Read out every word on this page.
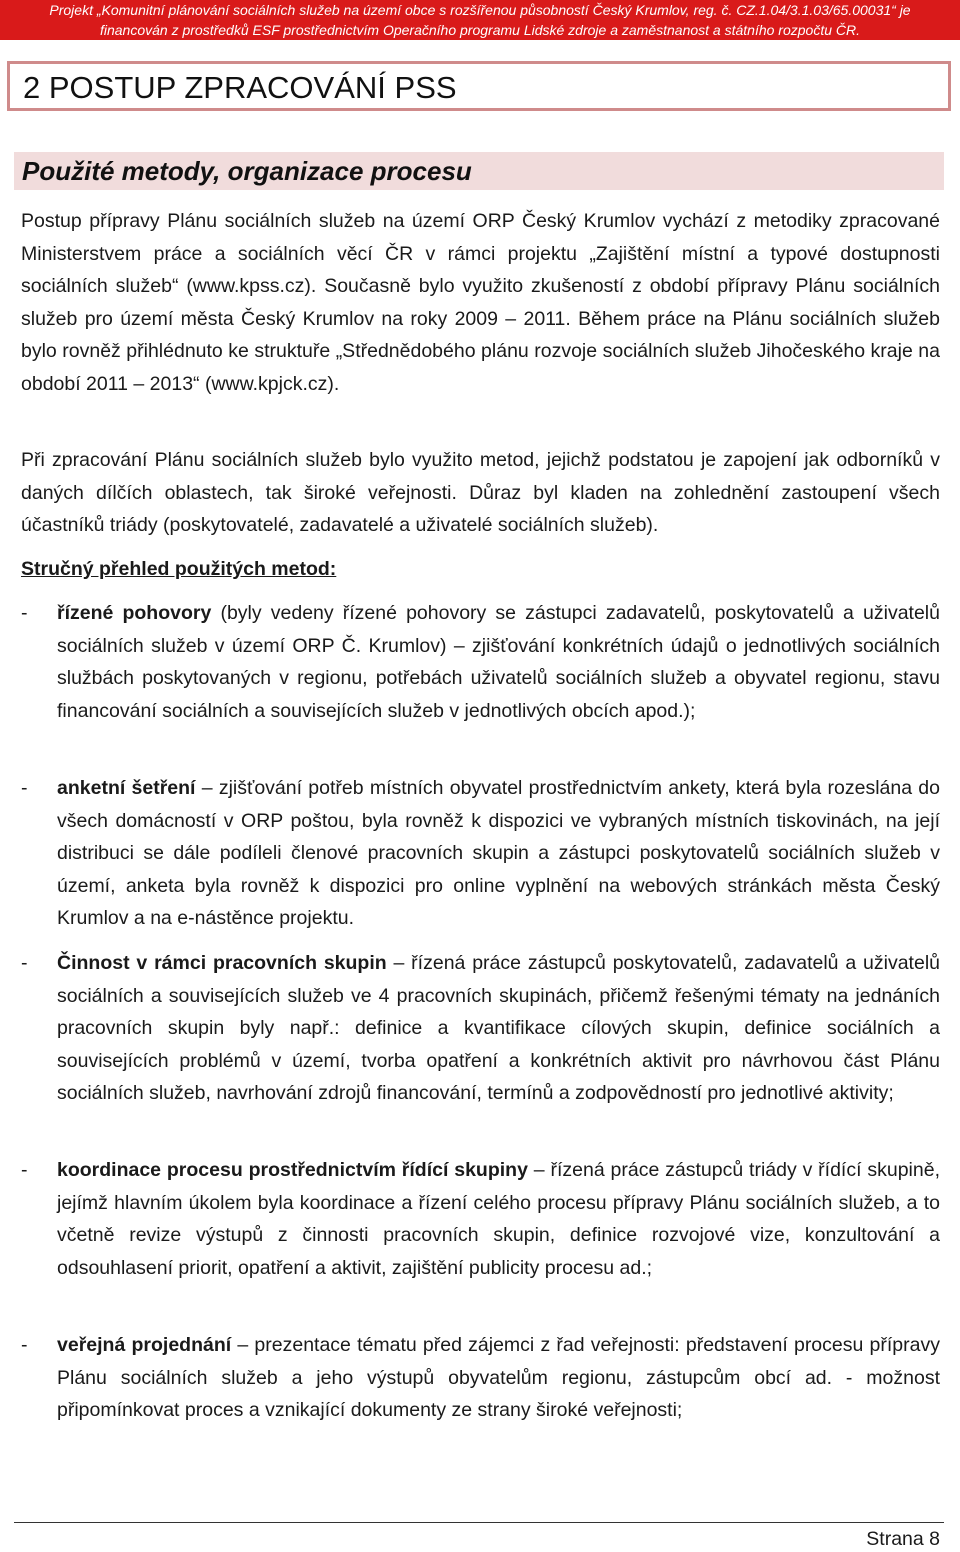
Projekt „Komunitní plánování sociálních služeb na území obce s rozšířenou působností Český Krumlov, reg. č. CZ.1.04/3.1.03/65.00031“ je
financován z prostředků ESF prostřednictvím Operačního programu Lidské zdroje a zaměstnanost a státního rozpočtu ČR.
2 POSTUP ZPRACOVÁNÍ PSS
Použité metody, organizace procesu

Postup přípravy Plánu sociálních služeb na území ORP Český Krumlov vychází z metodiky zpracované Ministerstvem práce a sociálních věcí ČR v rámci projektu „Zajištění místní a typové dostupnosti sociálních služeb“ (www.kpss.cz). Současně bylo využito zkušeností z období přípravy Plánu sociálních služeb pro území města Český Krumlov na roky 2009 – 2011. Během práce na Plánu sociálních služeb bylo rovněž přihlédnuto ke struktuře „Střednědobého plánu rozvoje sociálních služeb Jihočeského kraje na období 2011 – 2013“ (www.kpjck.cz).

Při zpracování Plánu sociálních služeb bylo využito metod, jejichž podstatou je zapojení jak odborníků v daných dílčích oblastech, tak široké veřejnosti. Důraz byl kladen na zohlednění zastoupení všech účastníků triády (poskytovatelé, zadavatelé a uživatelé sociálních služeb).

Stručný přehled použitých metod:
- řízené pohovory (byly vedeny řízené pohovory se zástupci zadavatelů, poskytovatelů a uživatelů sociálních služeb v území ORP Č. Krumlov) – zjišťování konkrétních údajů o jednotlivých sociálních službách poskytovaných v regionu, potřebách uživatelů sociálních služeb a obyvatel regionu, stavu financování sociálních a souvisejících služeb v jednotlivých obcích apod.);
- anketní šetření – zjišťování potřeb místních obyvatel prostřednictvím ankety, která byla rozeslána do všech domácností v ORP poštou, byla rovněž k dispozici ve vybraných místních tiskovinách, na její distribuci se dále podíleli členové pracovních skupin a zástupci poskytovatelů sociálních služeb v území, anketa byla rovněž k dispozici pro online vyplnění na webových stránkách města Český Krumlov a na e-nástěnce projektu.
- Činnost v rámci pracovních skupin – řízená práce zástupců poskytovatelů, zadavatelů a uživatelů sociálních a souvisejících služeb ve 4 pracovních skupinách, přičemž řešenými tématy na jednáních pracovních skupin byly např.: definice a kvantifikace cílových skupin, definice sociálních a souvisejících problémů v území, tvorba opatření a konkrétních aktivit pro návrhovou část Plánu sociálních služeb, navrhování zdrojů financování, termínů a zodpovědností pro jednotlivé aktivity;
- koordinace procesu prostřednictvím řídící skupiny – řízená práce zástupců triády v řídící skupině, jejímž hlavním úkolem byla koordinace a řízení celého procesu přípravy Plánu sociálních služeb, a to včetně revize výstupů z činnosti pracovních skupin, definice rozvojové vize, konzultování a odsouhlasení priorit, opatření a aktivit, zajištění publicity procesu ad.;
- veřejná projednání – prezentace tématu před zájemci z řad veřejnosti: představení procesu přípravy Plánu sociálních služeb a jeho výstupů obyvatelům regionu, zástupcům obcí ad. - možnost připomínkovat proces a vznikající dokumenty ze strany široké veřejnosti;
Strana 8
